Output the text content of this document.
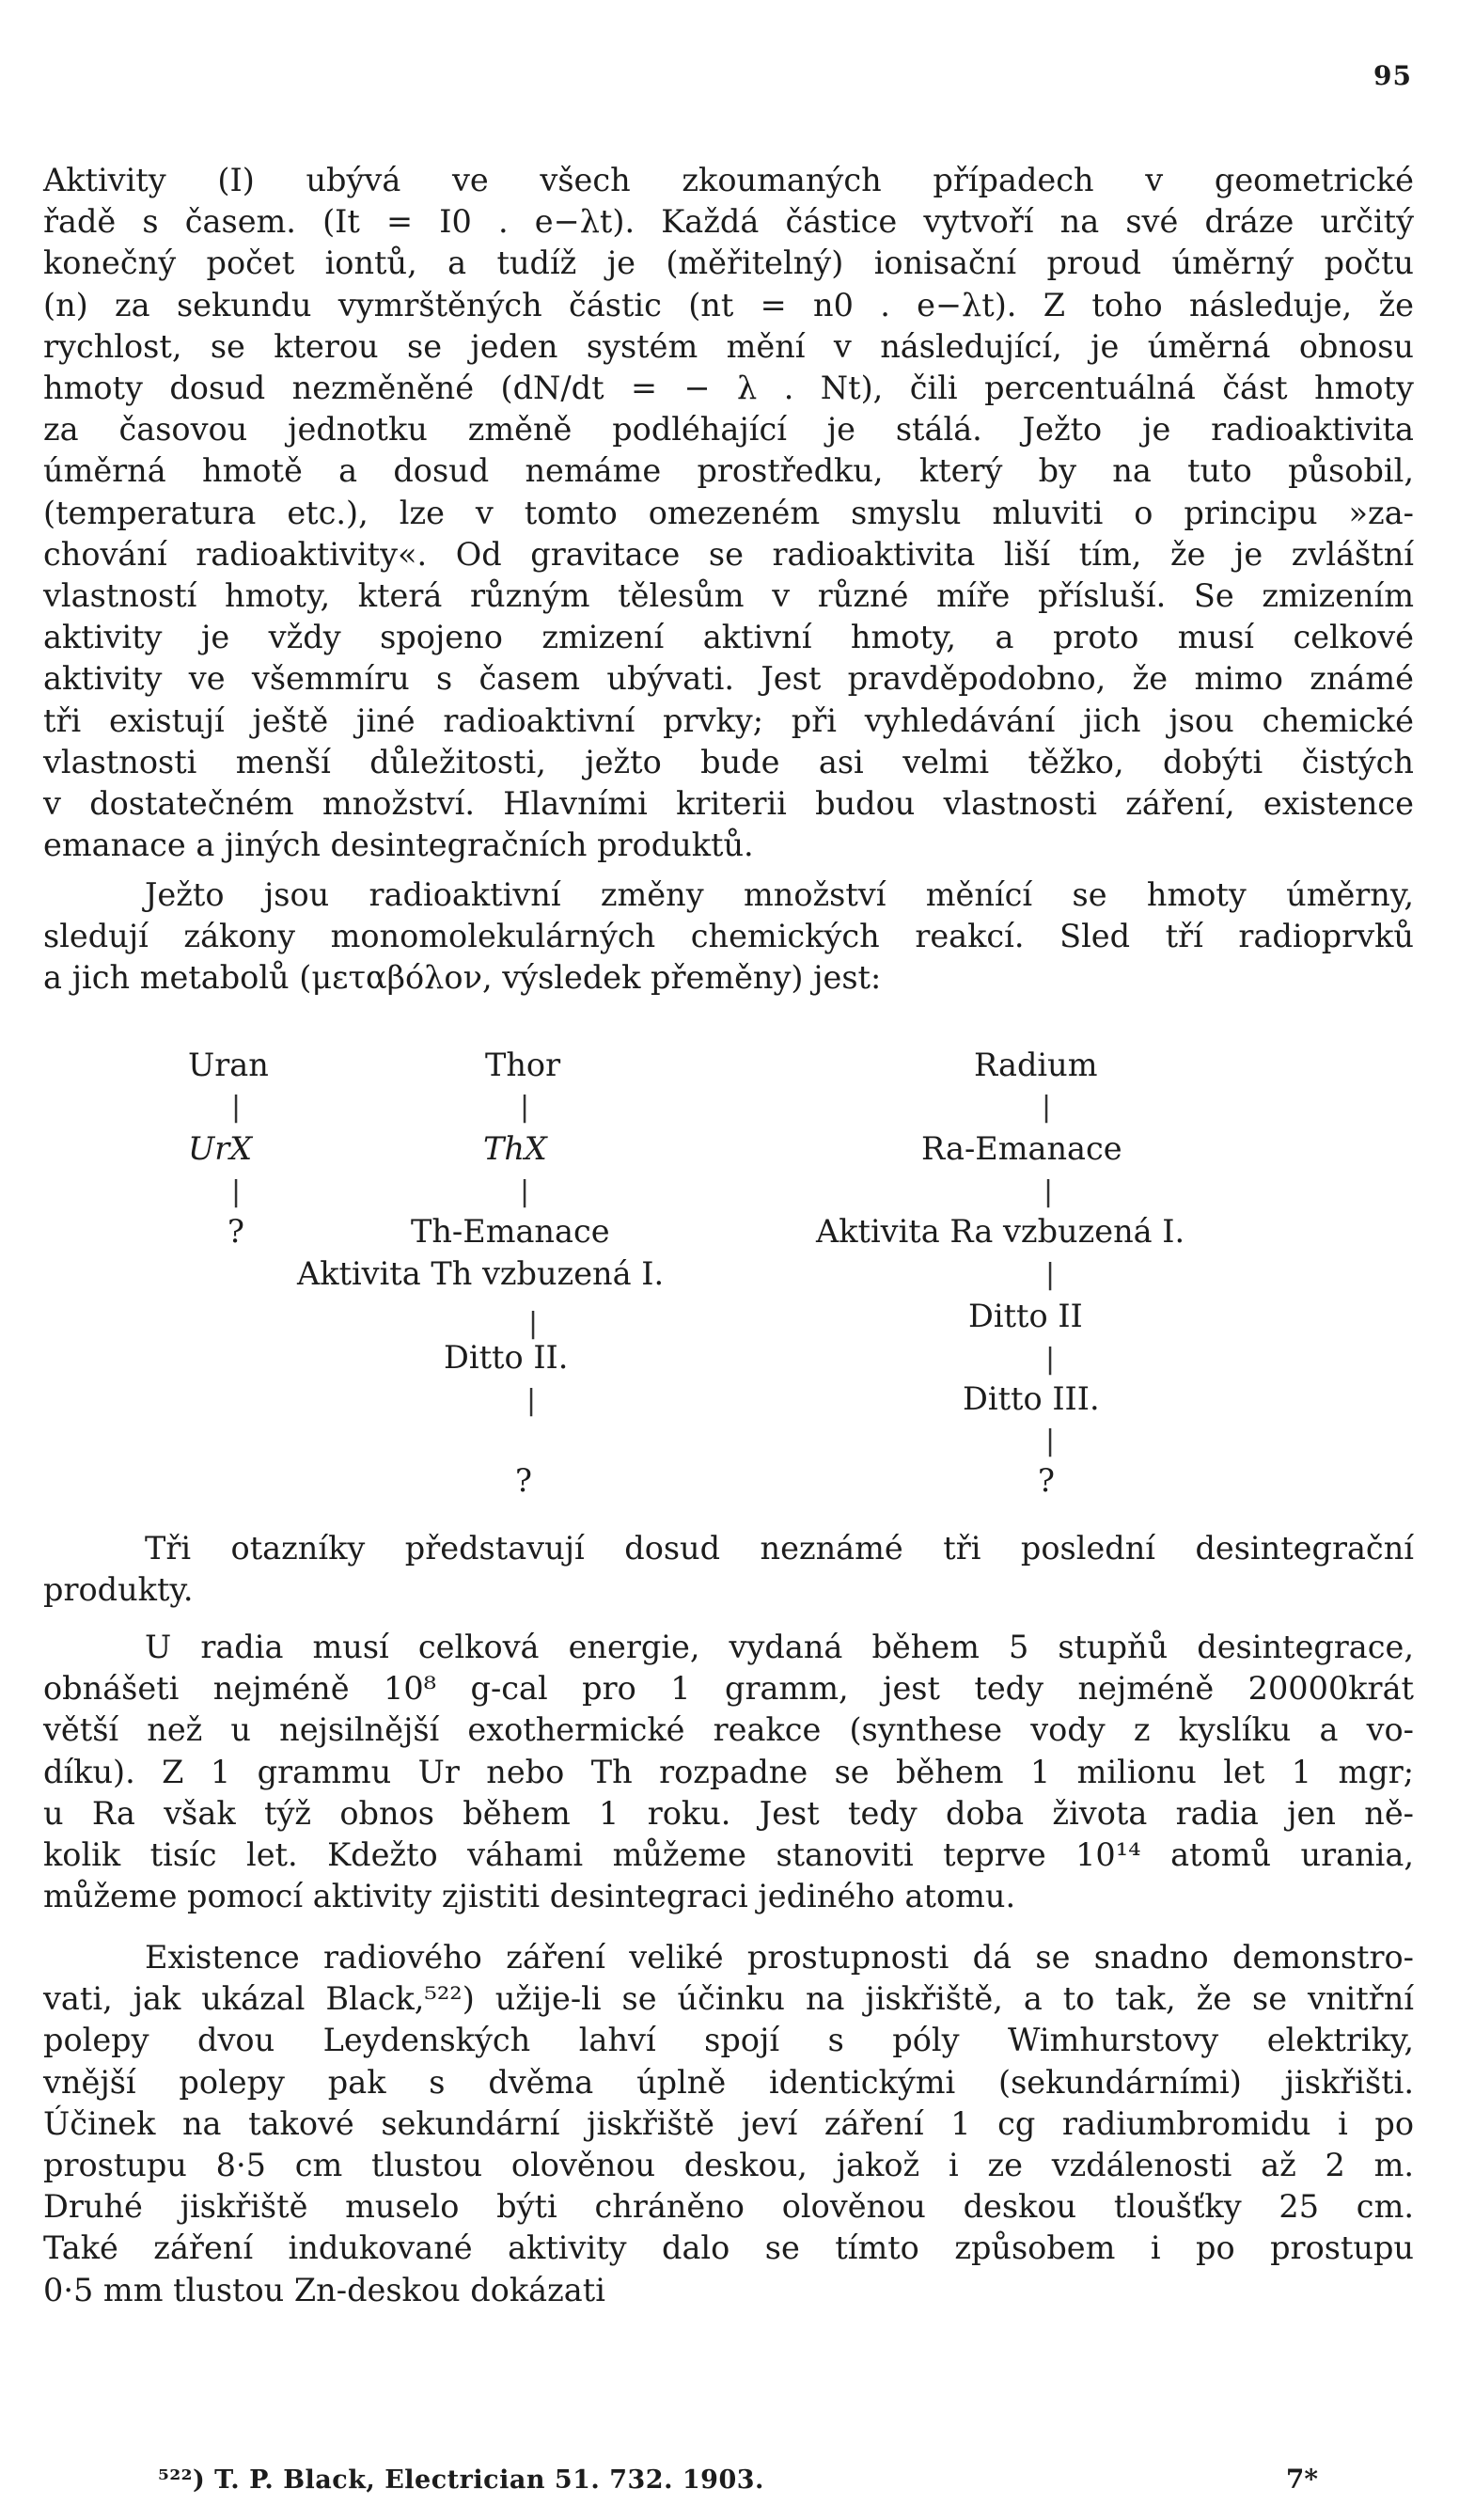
95

Aktivity (I) ubývá ve všech zkoumaných případech v geometrické
řadě s časem. (It = I0 . e−λt). Každá částice vytvoří na své dráze určitý
konečný počet iontů, a tudíž je (měřitelný) ionisační proud úměrný počtu
(n) za sekundu vymrštěných částic (nt = n0 . e−λt). Z toho následuje, že
rychlost, se kterou se jeden systém mění v následující, je úměrná obnosu
hmoty dosud nezměněné (dN/dt = − λ . Nt), čili percentuálná část hmoty
za časovou jednotku změně podléhající je stálá. Ježto je radioaktivita
úměrná hmotě a dosud nemáme prostředku, který by na tuto působil,
(temperatura etc.), lze v tomto omezeném smyslu mluviti o principu »za-
chování radioaktivity«. Od gravitace se radioaktivita liší tím, že je zvláštní
vlastností hmoty, která různým tělesům v různé míře přísluší. Se zmizením
aktivity je vždy spojeno zmizení aktivní hmoty, a proto musí celkové
aktivity ve všemmíru s časem ubývati. Jest pravděpodobno, že mimo známé
tři existují ještě jiné radioaktivní prvky; při vyhledávání jich jsou chemické
vlastnosti menší důležitosti, ježto bude asi velmi těžko, dobýti čistých
v dostatečném množství. Hlavními kriterii budou vlastnosti záření, existence
emanace a jiných desintegračních produktů.

Ježto jsou radioaktivní změny množství měnící se hmoty úměrny,
sledují zákony monomolekulárných chemických reakcí. Sled tří radioprvků
a jich metabolů (μεταβόλον, výsledek přeměny) jest:

Uran
|
UrX
|
?
Thor
|
ThX
|
Th-Emanace
Aktivita Th vzbuzená I.
|
Ditto II.
|
?
Radium
|
Ra-Emanace
|
Aktivita Ra vzbuzená I.
|
Ditto II
|
Ditto III.
|
?

Tři otazníky představují dosud neznámé tři poslední desintegrační
produkty.

U radia musí celková energie, vydaná během 5 stupňů desintegrace,
obnášeti nejméně 10⁸ g-cal pro 1 gramm, jest tedy nejméně 20000krát
větší než u nejsilnější exothermické reakce (synthese vody z kyslíku a vo-
díku). Z 1 grammu Ur nebo Th rozpadne se během 1 milionu let 1 mgr;
u Ra však týž obnos během 1 roku. Jest tedy doba života radia jen ně-
kolik tisíc let. Kdežto váhami můžeme stanoviti teprve 10¹⁴ atomů urania,
můžeme pomocí aktivity zjistiti desintegraci jediného atomu.

Existence radiového záření veliké prostupnosti dá se snadno demonstro-
vati, jak ukázal Black,⁵²²) užije-li se účinku na jiskřiště, a to tak, že se vnitřní
polepy dvou Leydenských lahví spojí s póly Wimhurstovy elektriky,
vnější polepy pak s dvěma úplně identickými (sekundárními) jiskřišti.
Účinek na takové sekundární jiskřiště jeví záření 1 cg radiumbromidu i po
prostupu 8·5 cm tlustou olověnou deskou, jakož i ze vzdálenosti až 2 m.
Druhé jiskřiště muselo býti chráněno olověnou deskou tloušťky 25 cm.
Také záření indukované aktivity dalo se tímto způsobem i po prostupu
0·5 mm tlustou Zn-deskou dokázati

⁵²²) T. P. Black, Electrician 51. 732. 1903.	7*
